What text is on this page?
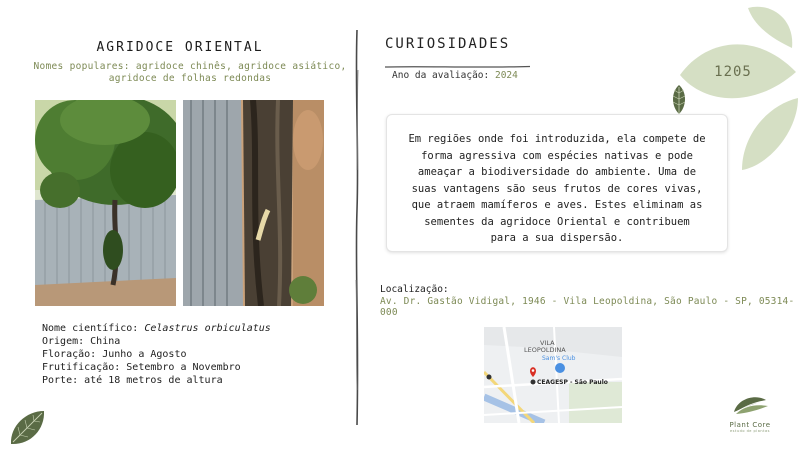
AGRIDOCE ORIENTAL
Nomes populares: agridoce chinês, agridoce asiático,
agridoce de folhas redondas
Nome científico: Celastrus orbiculatus
Origem: China
Floração: Junho a Agosto
Frutificação: Setembro a Novembro
Porte: até 18 metros de altura
CURIOSIDADES
Ano da avaliação: 2024
Em regiões onde foi introduzida, ela compete de
forma agressiva com espécies nativas e pode
ameaçar a biodiversidade do ambiente. Uma de
suas vantagens são seus frutos de cores vivas,
que atraem mamíferos e aves. Estes eliminam as
sementes da agridoce Oriental e contribuem
para a sua dispersão.
Localização:
Av. Dr. Gastão Vidigal, 1946 - Vila Leopoldina, São Paulo - SP, 05314-000
VILA
LEOPOLDINA
Sam's Club
CEAGESP - São Paulo
1205
Plant Core
estudo de plantas
